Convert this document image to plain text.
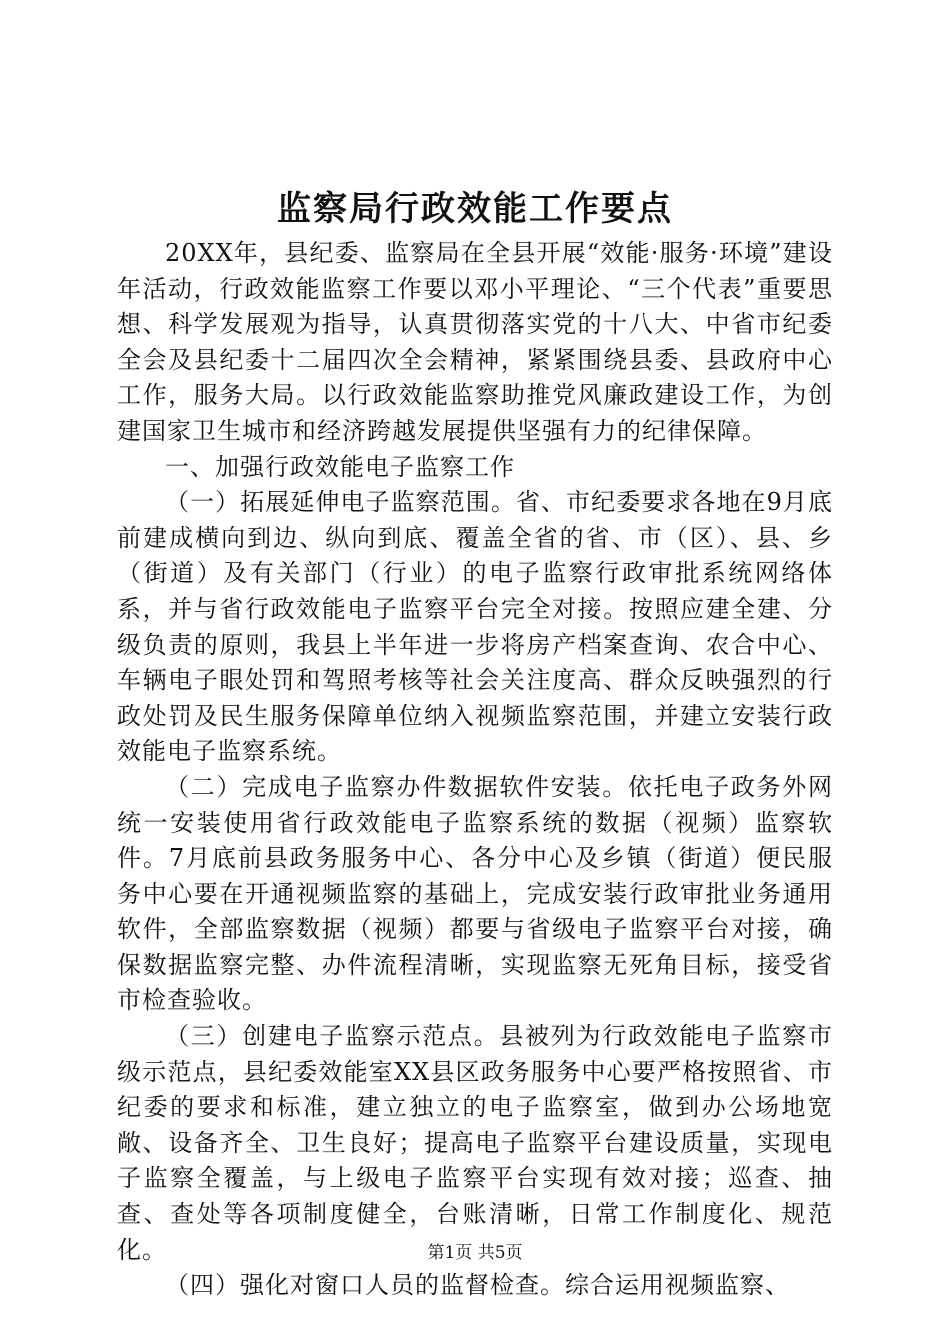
监察局行政效能工作要点

20XX年，县纪委、监察局在全县开展“效能·服务·环境”建设年活动，行政效能监察工作要以邓小平理论、“三个代表”重要思想、科学发展观为指导，认真贯彻落实党的十八大、中省市纪委全会及县纪委十二届四次全会精神，紧紧围绕县委、县政府中心工作，服务大局。以行政效能监察助推党风廉政建设工作，为创建国家卫生城市和经济跨越发展提供坚强有力的纪律保障。

一、加强行政效能电子监察工作

（一）拓展延伸电子监察范围。省、市纪委要求各地在9月底前建成横向到边、纵向到底、覆盖全省的省、市（区）、县、乡（街道）及有关部门（行业）的电子监察行政审批系统网络体系，并与省行政效能电子监察平台完全对接。按照应建全建、分级负责的原则，我县上半年进一步将房产档案查询、农合中心、车辆电子眼处罚和驾照考核等社会关注度高、群众反映强烈的行政处罚及民生服务保障单位纳入视频监察范围，并建立安装行政效能电子监察系统。

（二）完成电子监察办件数据软件安装。依托电子政务外网统一安装使用省行政效能电子监察系统的数据（视频）监察软件。7月底前县政务服务中心、各分中心及乡镇（街道）便民服务中心要在开通视频监察的基础上，完成安装行政审批业务通用软件，全部监察数据（视频）都要与省级电子监察平台对接，确保数据监察完整、办件流程清晰，实现监察无死角目标，接受省市检查验收。

（三）创建电子监察示范点。县被列为行政效能电子监察市级示范点，县纪委效能室XX县区政务服务中心要严格按照省、市纪委的要求和标准，建立独立的电子监察室，做到办公场地宽敞、设备齐全、卫生良好；提高电子监察平台建设质量，实现电子监察全覆盖，与上级电子监察平台实现有效对接；巡查、抽查、查处等各项制度健全，台账清晰，日常工作制度化、规范化。

（四）强化对窗口人员的监督检查。综合运用视频监察、

第1页 共5页
